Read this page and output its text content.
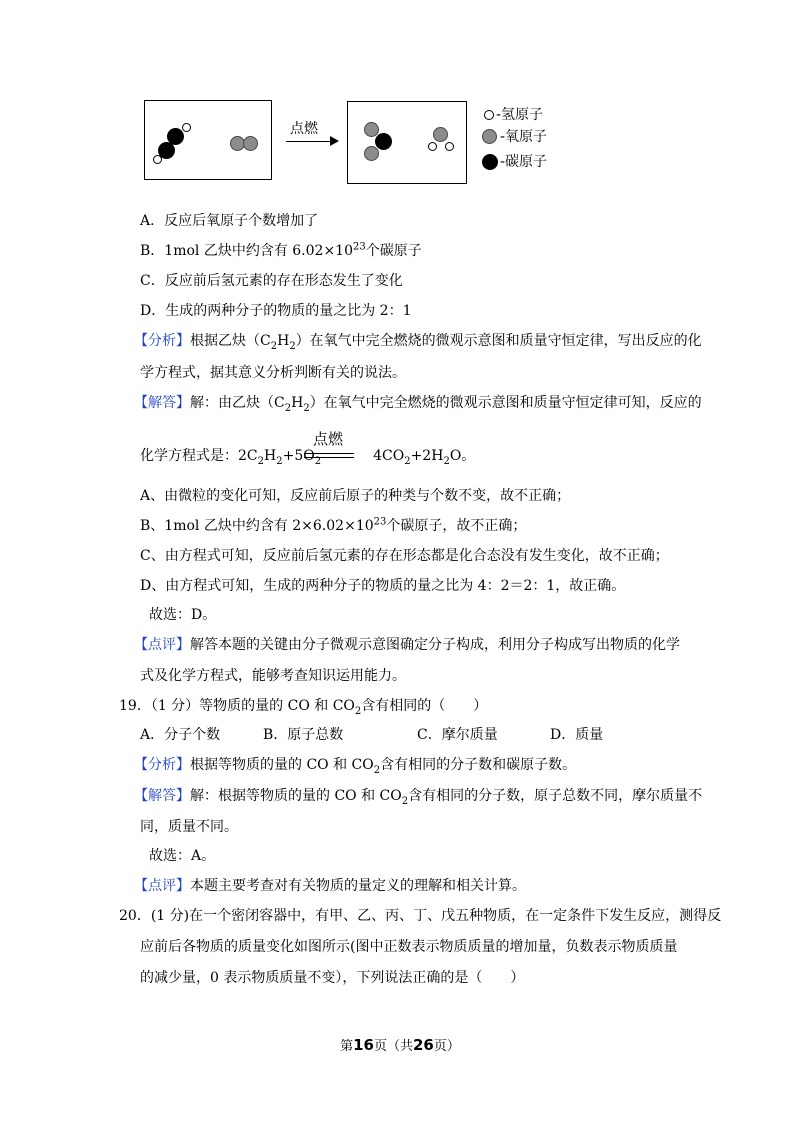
点燃
-氢原子
-氧原子
-碳原子
A．反应后氧原子个数增加了
B．1mol 乙炔中约含有 $6.02\times 10^{23}$个碳原子
C．反应前后氢元素的存在形态发生了变化
D．生成的两种分子的物质的量之比为 2：1
【分析】根据乙炔$(C_2H_2)$在氧气中完全燃烧的微观示意图和质量守恒定律，写出反应的化
学方程式，据其意义分析判断有关的说法。
【解答】解：由乙炔$(C_2H_2)$在氧气中完全燃烧的微观示意图和质量守恒定律可知，反应的
点燃
化学方程式是：$2C_2H_2+5O_2$	$4CO_2+2H_2O$。
A、由微粒的变化可知，反应前后原子的种类与个数不变，故不正确；
B、1mol 乙炔中约含有 $2\times 6.02\times 10^{23}$个碳原子，故不正确；
C、由方程式可知，反应前后氢元素的存在形态都是化合态没有发生变化，故不正确；
D、由方程式可知，生成的两种分子的物质的量之比为 4：2＝2：1，故正确。
故选：D。
【点评】解答本题的关键由分子微观示意图确定分子构成，利用分子构成写出物质的化学
式及化学方程式，能够考查知识运用能力。
19．（1 分）等物质的量的 CO 和 $CO_2$含有相同的（　　）
A．分子个数	B．原子总数	C．摩尔质量	D．质量
【分析】根据等物质的量的 CO 和 $CO_2$含有相同的分子数和碳原子数。
【解答】解：根据等物质的量的 CO 和 $CO_2$含有相同的分子数，原子总数不同，摩尔质量不
同，质量不同。
故选：A。
【点评】本题主要考查对有关物质的量定义的理解和相关计算。
20．(1 分)在一个密闭容器中，有甲、乙、丙、丁、戊五种物质，在一定条件下发生反应，测得反
应前后各物质的质量变化如图所示(图中正数表示物质质量的增加量，负数表示物质质量
的减少量，0 表示物质质量不变），下列说法正确的是（　　）
第16页（共26页）
